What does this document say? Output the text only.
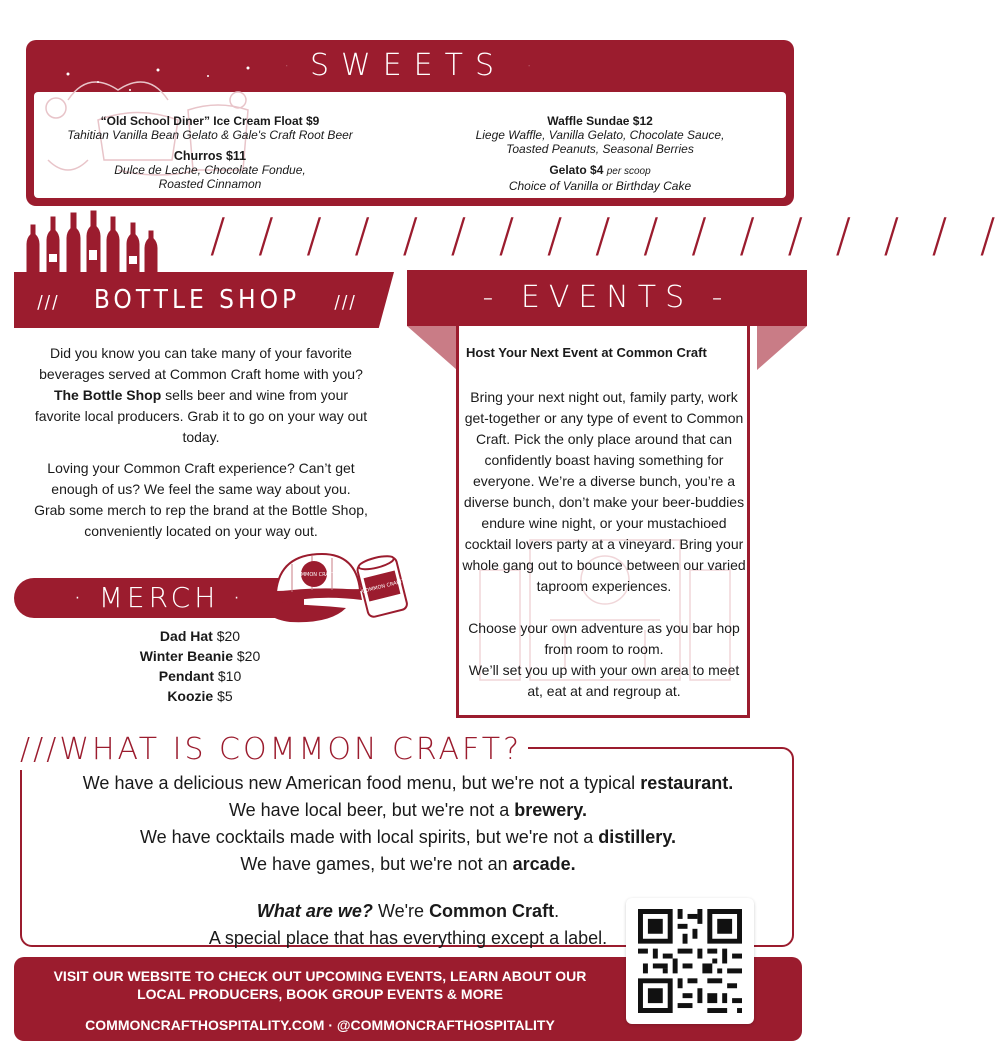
· SWEETS ·
“Old School Diner” Ice Cream Float $9
Tahitian Vanilla Bean Gelato & Gale's Craft Root Beer
Churros $11
Dulce de Leche, Chocolate Fondue,
Roasted Cinnamon
Waffle Sundae $12
Liege Waffle, Vanilla Gelato, Chocolate Sauce,
Toasted Peanuts, Seasonal Berries
Gelato $4 per scoop
Choice of Vanilla or Birthday Cake
/ / / / / / / / / / / / / / / / /
/// BOTTLE SHOP ///
Did you know you can take many of your favorite beverages served at Common Craft home with you? The Bottle Shop sells beer and wine from your favorite local producers. Grab it to go on your way out today.
Loving your Common Craft experience? Can’t get enough of us? We feel the same way about you. Grab some merch to rep the brand at the Bottle Shop, conveniently located on your way out.
· MERCH ·
COMMON CRAFT
COMMON CRAFT
Dad Hat $20
Winter Beanie $20
Pendant $10
Koozie $5
- EVENTS -
Host Your Next Event at Common Craft
Bring your next night out, family party, work get-together or any type of event to Common Craft. Pick the only place around that can confidently boast having something for everyone. We’re a diverse bunch, you’re a diverse bunch, don’t make your beer-buddies endure wine night, or your mustachioed cocktail lovers party at a vineyard. Bring your whole gang out to bounce between our varied taproom experiences.
Choose your own adventure as you bar hop from room to room.
We’ll set you up with your own area to meet at, eat at and regroup at.
///WHAT IS COMMON CRAFT?
We have a delicious new American food menu, but we're not a typical restaurant.
We have local beer, but we're not a brewery.
We have cocktails made with local spirits, but we're not a distillery.
We have games, but we're not an arcade.
What are we? We're Common Craft.
A special place that has everything except a label.
VISIT OUR WEBSITE TO CHECK OUT UPCOMING EVENTS, LEARN ABOUT OUR LOCAL PRODUCERS, BOOK GROUP EVENTS & MORE
COMMONCRAFTHOSPITALITY.COM · @COMMONCRAFTHOSPITALITY
